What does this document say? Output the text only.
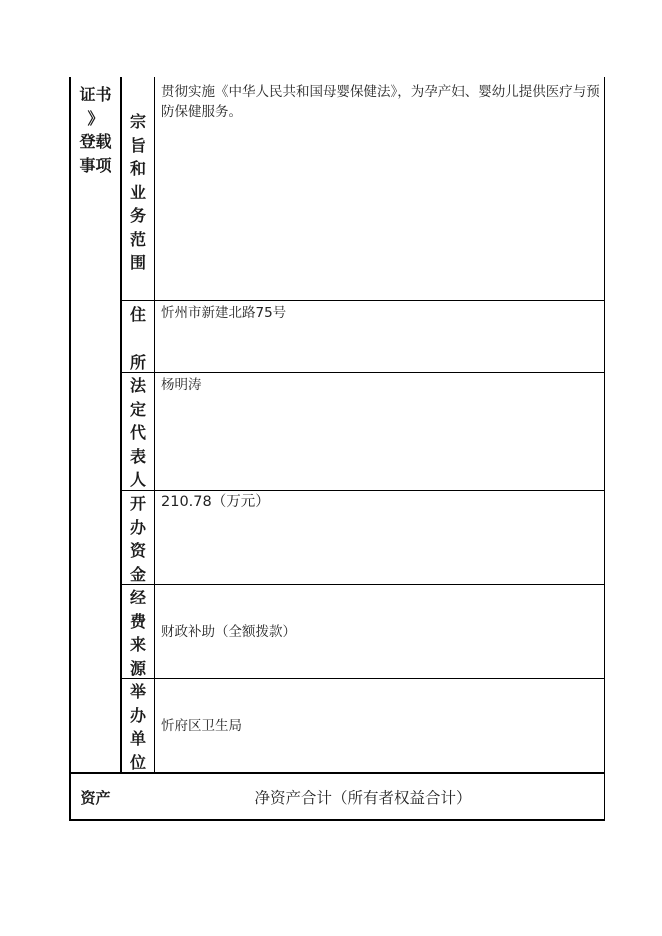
证书
》
登载
事项
宗
旨
和
业
务
范
围
贯彻实施《中华人民共和国母婴保健法》，为孕产妇、婴幼儿提供医疗与预防保健服务。
住
所
忻州市新建北路75号
法
定
代
表
人
杨明涛
开
办
资
金
210.78（万元）
经
费
来
源
财政补助（全额拨款）
举
办
单
位
忻府区卫生局
资产	净资产合计（所有者权益合计）
